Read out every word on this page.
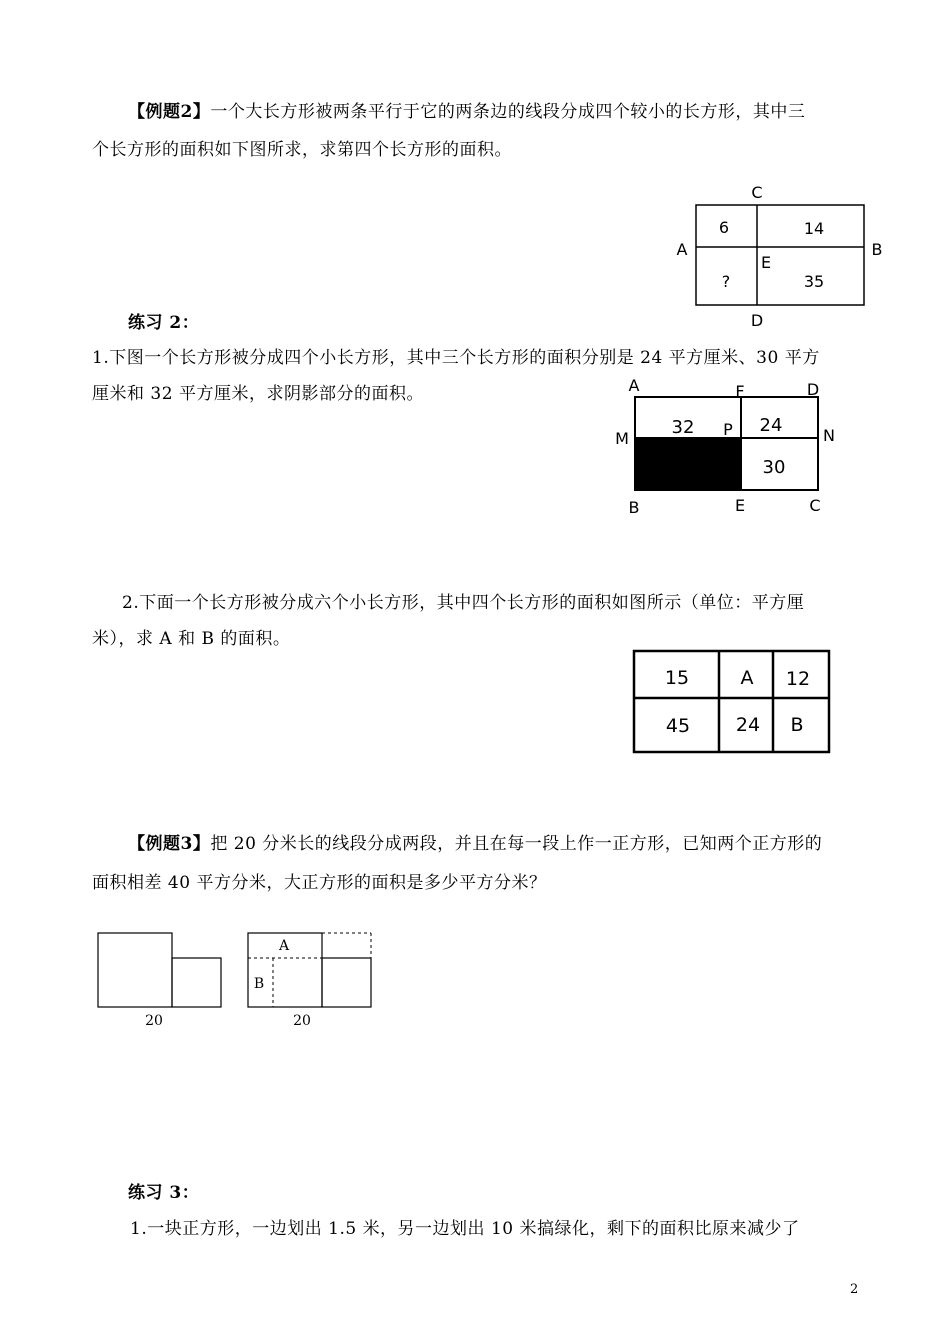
【例题2】一个大长方形被两条平行于它的两条边的线段分成四个较小的长方形，其中三
个长方形的面积如下图所求，求第四个长方形的面积。
C
A	B
D
E
6	14
?	35
练习 2：
1.下图一个长方形被分成四个小长方形，其中三个长方形的面积分别是 24 平方厘米、30 平方
厘米和 32 平方厘米，求阴影部分的面积。	A	F	D
M	P	N
B	E	C
32	24
30
2.下面一个长方形被分成六个小长方形，其中四个长方形的面积如图所示（单位：平方厘
米），求 A 和 B 的面积。
15	A 12
45 24 B
【例题3】把 20 分米长的线段分成两段，并且在每一段上作一正方形，已知两个正方形的
面积相差 40 平方分米，大正方形的面积是多少平方分米？
20
A
B
20
练习 3：
1.一块正方形，一边划出 1.5 米，另一边划出 10 米搞绿化，剩下的面积比原来减少了
2
